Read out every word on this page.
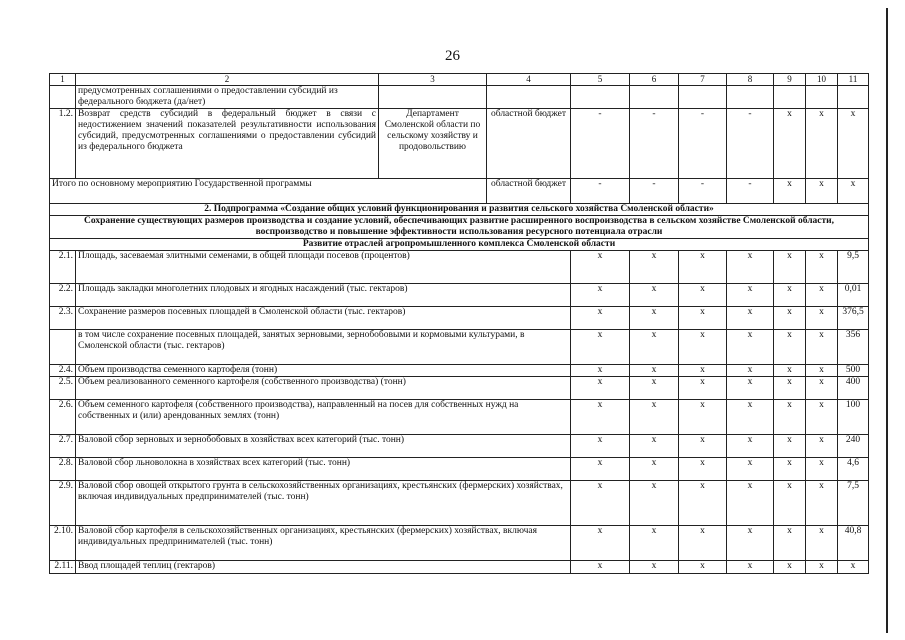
26
1	2	3	4	5	6	7	8	9	10	11	
	предусмотренных соглашениями о предоставлении субсидий из федерального бюджета (да/нет)										
1.2.	Возврат средств субсидий в федеральный бюджет в связи с недостижением значений показателей результативности использования субсидий, предусмотренных соглашениями о предоставлении субсидий из федерального бюджета	Департамент Смоленской области по сельскому хозяйству и продовольствию	областной бюджет	-	-	-	-	x	x	x	
Итого по основному мероприятию Государственной программы			областной бюджет	-	-	-	-	x	x	x	
2. Подпрограмма «Создание общих условий функционирования и развития сельского хозяйства Смоленской области»											
Сохранение существующих размеров производства и создание условий, обеспечивающих развитие расширенного воспроизводства в сельском хозяйстве Смоленской области, воспроизводство и повышение эффективности использования ресурсного потенциала отрасли											
Развитие отраслей агропромышленного комплекса Смоленской области											
2.1.	Площадь, засеваемая элитными семенами, в общей площади посевов (процентов)			x	x	x	x	x	x	9,5		
2.2.	Площадь закладки многолетних плодовых и ягодных насаждений (тыс. гектаров)			x	x	x	x	x	x	0,01		
2.3.	Сохранение размеров посевных площадей в Смоленской области (тыс. гектаров)			x	x	x	x	x	x	376,5		
	в том числе сохранение посевных площадей, занятых зерновыми, зернобобовыми и кормовыми культурами, в Смоленской области (тыс. гектаров)			x	x	x	x	x	x	356		
2.4.	Объем производства семенного картофеля (тонн)			x	x	x	x	x	x	500		
2.5.	Объем реализованного семенного картофеля (собственного производства) (тонн)			x	x	x	x	x	x	400		
2.6.	Объем семенного картофеля (собственного производства), направленный на посев для собственных нужд на собственных и (или) арендованных землях (тонн)			x	x	x	x	x	x	100		
2.7.	Валовой сбор зерновых и зернобобовых в хозяйствах всех категорий (тыс. тонн)			x	x	x	x	x	x	240		
2.8.	Валовой сбор льноволокна в хозяйствах всех категорий (тыс. тонн)			x	x	x	x	x	x	4,6		
2.9.	Валовой сбор овощей открытого грунта в сельскохозяйственных организациях, крестьянских (фермерских) хозяйствах, включая индивидуальных предпринимателей (тыс. тонн)			x	x	x	x	x	x	7,5		
2.10.	Валовой сбор картофеля в сельскохозяйственных организациях, крестьянских (фермерских) хозяйствах, включая индивидуальных предпринимателей (тыс. тонн)			x	x	x	x	x	x	40,8		
2.11.	Ввод площадей теплиц (гектаров)			x	x	x	x	x	x	x		
